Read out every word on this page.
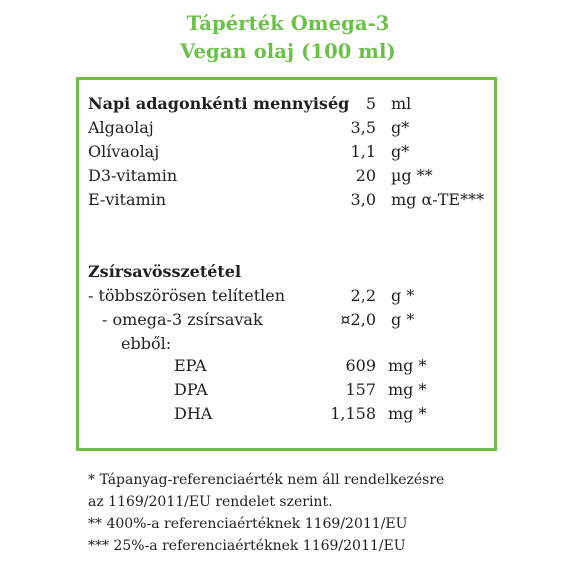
Tápérték Omega-3
Vegan olaj (100 ml)
Napi adagonkénti mennyiség	5 ml
Algaolaj	3,5 g*
Olívaolaj	1,1 g*
D3-vitamin	20 µg **
E-vitamin	3,0 mg α-TE***
Zsírsavösszetétel
- többszörösen telítetlen	2,2 g *
- omega-3 zsírsavak	¤2,0 g *
ebből:
EPA	609 mg *
DPA	157 mg *
DHA	1,158 mg *
* Tápanyag-referenciaérték nem áll rendelkezésre
az 1169/2011/EU rendelet szerint.
** 400%-a referenciaértéknek 1169/2011/EU
*** 25%-a referenciaértéknek 1169/2011/EU
